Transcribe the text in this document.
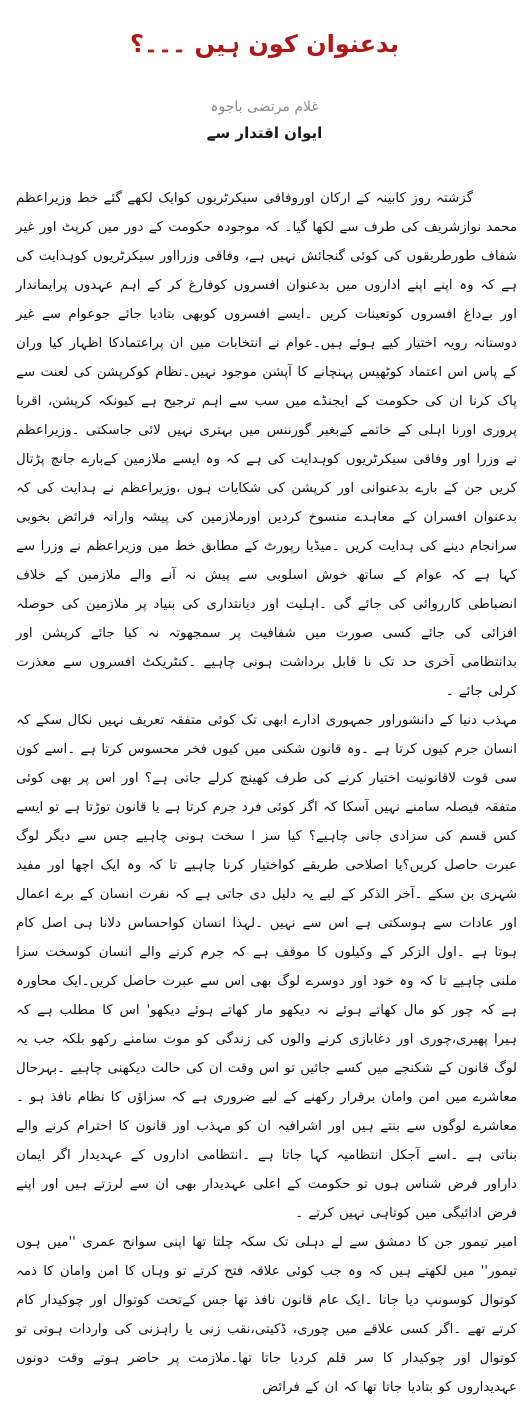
بدعنوان کون ہیں ۔۔۔؟
غلام مرتضی باجوہ
ایوان اقتدار سے

گزشتہ روز کابینہ کے ارکان اوروفاقی سیکرٹریوں کوایک لکھے گئے خط وزیراعظم محمد نوازشریف کی طرف سے لکھا گیا۔ کہ موجودہ حکومت کے دور میں کرپٹ اور غیر شفاف طورطریقوں کی کوئی گنجائش نہیں ہے، وفاقی وزرااور سیکرٹریوں کوہدایت کی ہے کہ وہ اپنے اپنے اداروں میں بدعنوان افسروں کوفارغ کر کے اہم عہدوں پرایماندار اور بےداغ افسروں کوتعینات کریں ۔ایسے افسروں کوبھی بتادیا جائے جوعوام سے غیر دوستانہ رویہ اختیار کیے ہوئے ہیں۔عوام نے انتخابات میں ان پراعتمادکا اظہار کیا وران کے پاس اس اعتماد کوٹھیس پہنچانے کا آپشن موجود نہیں۔نظام کوکرپشن کی لعنت سے پاک کرنا ان کی حکومت کے ایجنڈے میں سب سے اہم ترجیح ہے کیونکہ کرپشن، اقربا پروری اورنا اہلی کے خاتمے کےبغیر گورننس میں بہتری نہیں لائی جاسکتی ۔وزیراعظم نے وزرا اور وفاقی سیکرٹریوں کوہدایت کی ہے کہ وہ ایسے ملازمین کےبارے جانچ پڑتال کریں جن کے بارے بدعنوانی اور کرپشن کی شکایات ہوں ،وزیراعظم نے ہدایت کی کہ بدعنوان افسران کے معاہدے منسوخ کردیں اورملازمین کی پیشہ وارانہ فرائض بخوبی سرانجام دینے کی ہدایت کریں ۔میڈیا رپورٹ کے مطابق خط میں وزیراعظم نے وزرا سے کہا ہے کہ عوام کے ساتھ خوش اسلوبی سے پیش نہ آنے والے ملازمین کے خلاف انضباطی کارروائی کی جائے گی ۔اہلیت اور دیانتداری کی بنیاد پر ملازمین کی حوصلہ افزائی کی جائے کسی صورت میں شفافیت پر سمجھوتہ نہ کیا جائے کرپشن اور بدانتظامی آخری حد تک نا قابل برداشت ہونی چاہیے ۔کنٹریکٹ افسروں سے معذرت کرلی جائے ۔

مہذب دنیا کے دانشوراور جمہوری ادارے ابھی تک کوئی متفقہ تعریف نہیں نکال سکے کہ انسان جرم کیوں کرتا ہے ۔وہ قانون شکنی میں کیوں فخر محسوس کرتا ہے ۔اسے کون سی قوت لاقانونیت اختیار کرنے کی طرف کھینچ کرلے جاتی ہے؟ اور اس پر بھی کوئی متفقہ فیصلہ سامنے نہیں آسکا کہ اگر کوئی فرد جرم کرتا ہے یا قانون توڑتا ہے تو ایسے کس قسم کی سزادی جانی چاہیے؟ کیا سز ا سخت ہونی چاہیے جس سے دیگر لوگ عبرت حاصل کریں؟یا اصلاحی طریقے کواختیار کرنا چاہیے تا کہ وہ ایک اچھا اور مفید شہری بن سکے ۔آخر الذکر کے لیے یہ دلیل دی جاتی ہے کہ نفرت انسان کے برے اعمال اور عادات سے ہوسکتی ہے اس سے نہیں ۔لہذا انسان کواحساس دلانا ہی اصل کام ہوتا ہے ۔اول الزکر کے وکیلوں کا موقف ہے کہ جرم کرنے والے انسان کوسخت سزا ملنی چاہیے تا کہ وہ خود اور دوسرے لوگ بھی اس سے عبرت حاصل کریں۔ایک محاورہ ہے کہ چور کو مال کھاتے ہوئے نہ دیکھو مار کھاتے ہوئے دیکھو' اس کا مطلب ہے کہ ہیرا پھیری،چوری اور دغابازی کرنے والوں کی زندگی کو موت سامنے رکھو بلکہ جب یہ لوگ قانون کے شکنجے میں کسے جائیں تو اس وقت ان کی حالت دیکھنی چاہیے ۔بہرحال معاشرے میں امن وامان برقرار رکھنے کے لیے ضروری ہے کہ سزاؤں کا نظام نافذ ہو ۔معاشرے لوگوں سے بنتے ہیں اور اشرافیہ ان کو مہذب اور قانون کا احترام کرنے والے بناتی ہے ۔اسے آجکل انتظامیہ کہا جاتا ہے ۔انتظامی اداروں کے عہدیدار اگر ایمان داراور فرض شناس ہوں تو حکومت کے اعلی عہدیدار بھی ان سے لرزتے ہیں اور اپنے فرض ادائیگی میں کوتاہی نہیں کرتے ۔

امیر تیمور جن کا دمشق سے لے دہلی تک سکہ چلتا تھا اپنی سوانح عمری ''میں ہوں تیمور'' میں لکھتے ہیں کہ وہ جب کوئی علاقہ فتح کرتے تو وہاں کا امن وامان کا ذمہ کوتوال کوسونپ دیا جاتا ۔ایک عام قانون نافذ تھا جس کےتحت کوتوال اور چوکیدار کام کرتے تھے ۔اگر کسی علاقے میں چوری، ڈکیتی،نقب زنی یا راہزنی کی واردات ہوتی تو کوتوال اور چوکیدار کا سر قلم کردیا جاتا تھا۔ملازمت پر حاضر ہوتے وقت دونوں عہدیداروں کو بتادیا جاتا تھا کہ ان کے فرائض
